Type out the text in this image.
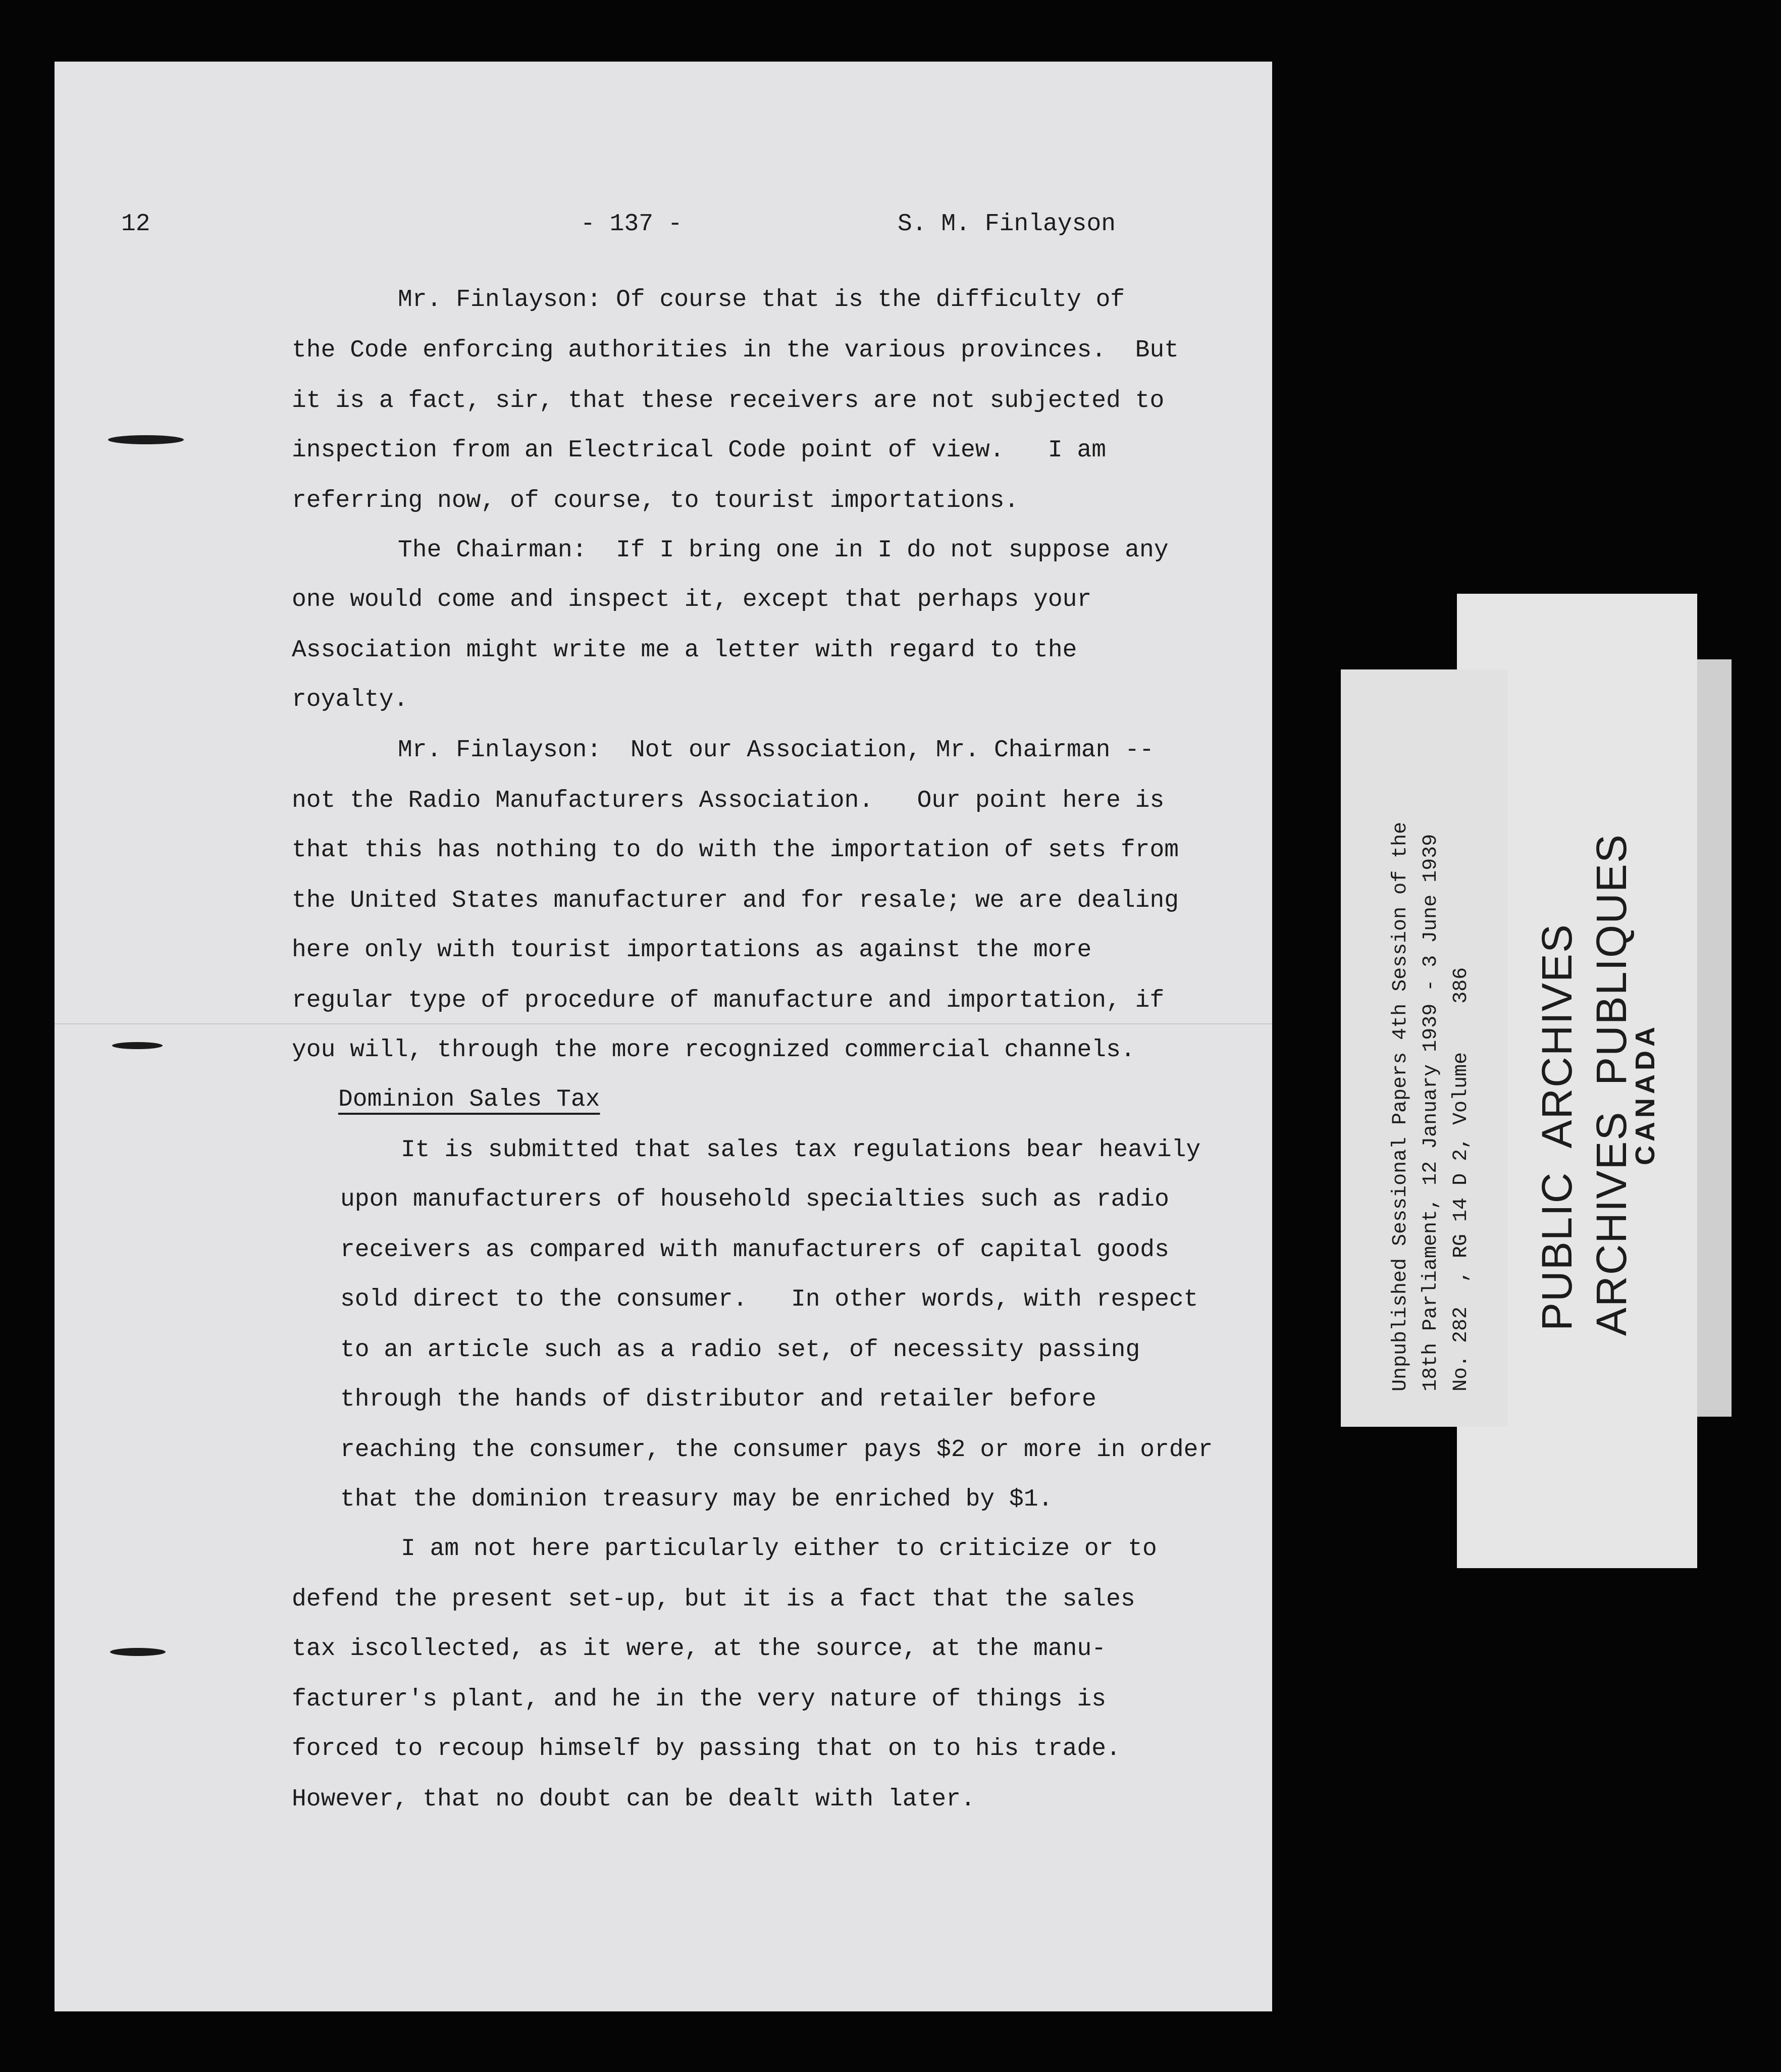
12	- 137 -	S. M. Finlayson
Mr. Finlayson: Of course that is the difficulty of
the Code enforcing authorities in the various provinces.  But
it is a fact, sir, that these receivers are not subjected to
inspection from an Electrical Code point of view.   I am
referring now, of course, to tourist importations.
The Chairman:  If I bring one in I do not suppose any
one would come and inspect it, except that perhaps your
Association might write me a letter with regard to the
royalty.
Mr. Finlayson:  Not our Association, Mr. Chairman --
not the Radio Manufacturers Association.   Our point here is
that this has nothing to do with the importation of sets from
the United States manufacturer and for resale; we are dealing
here only with tourist importations as against the more
regular type of procedure of manufacture and importation, if
you will, through the more recognized commercial channels.
Dominion Sales Tax
It is submitted that sales tax regulations bear heavily
upon manufacturers of household specialties such as radio
receivers as compared with manufacturers of capital goods
sold direct to the consumer.   In other words, with respect
to an article such as a radio set, of necessity passing
through the hands of distributor and retailer before
reaching the consumer, the consumer pays $2 or more in order
that the dominion treasury may be enriched by $1.
I am not here particularly either to criticize or to
defend the present set-up, but it is a fact that the sales
tax iscollected, as it were, at the source, at the manu-
facturer's plant, and he in the very nature of things is
forced to recoup himself by passing that on to his trade.
However, that no doubt can be dealt with later.
PUBLIC  ARCHIVES ARCHIVES  PUBLIQUES
CANADA
Unpublished Sessional Papers 4th Session of the 18th Parliament, 12 January 1939 - 3 June 1939 No. 282  , RG 14 D 2, Volume    386
